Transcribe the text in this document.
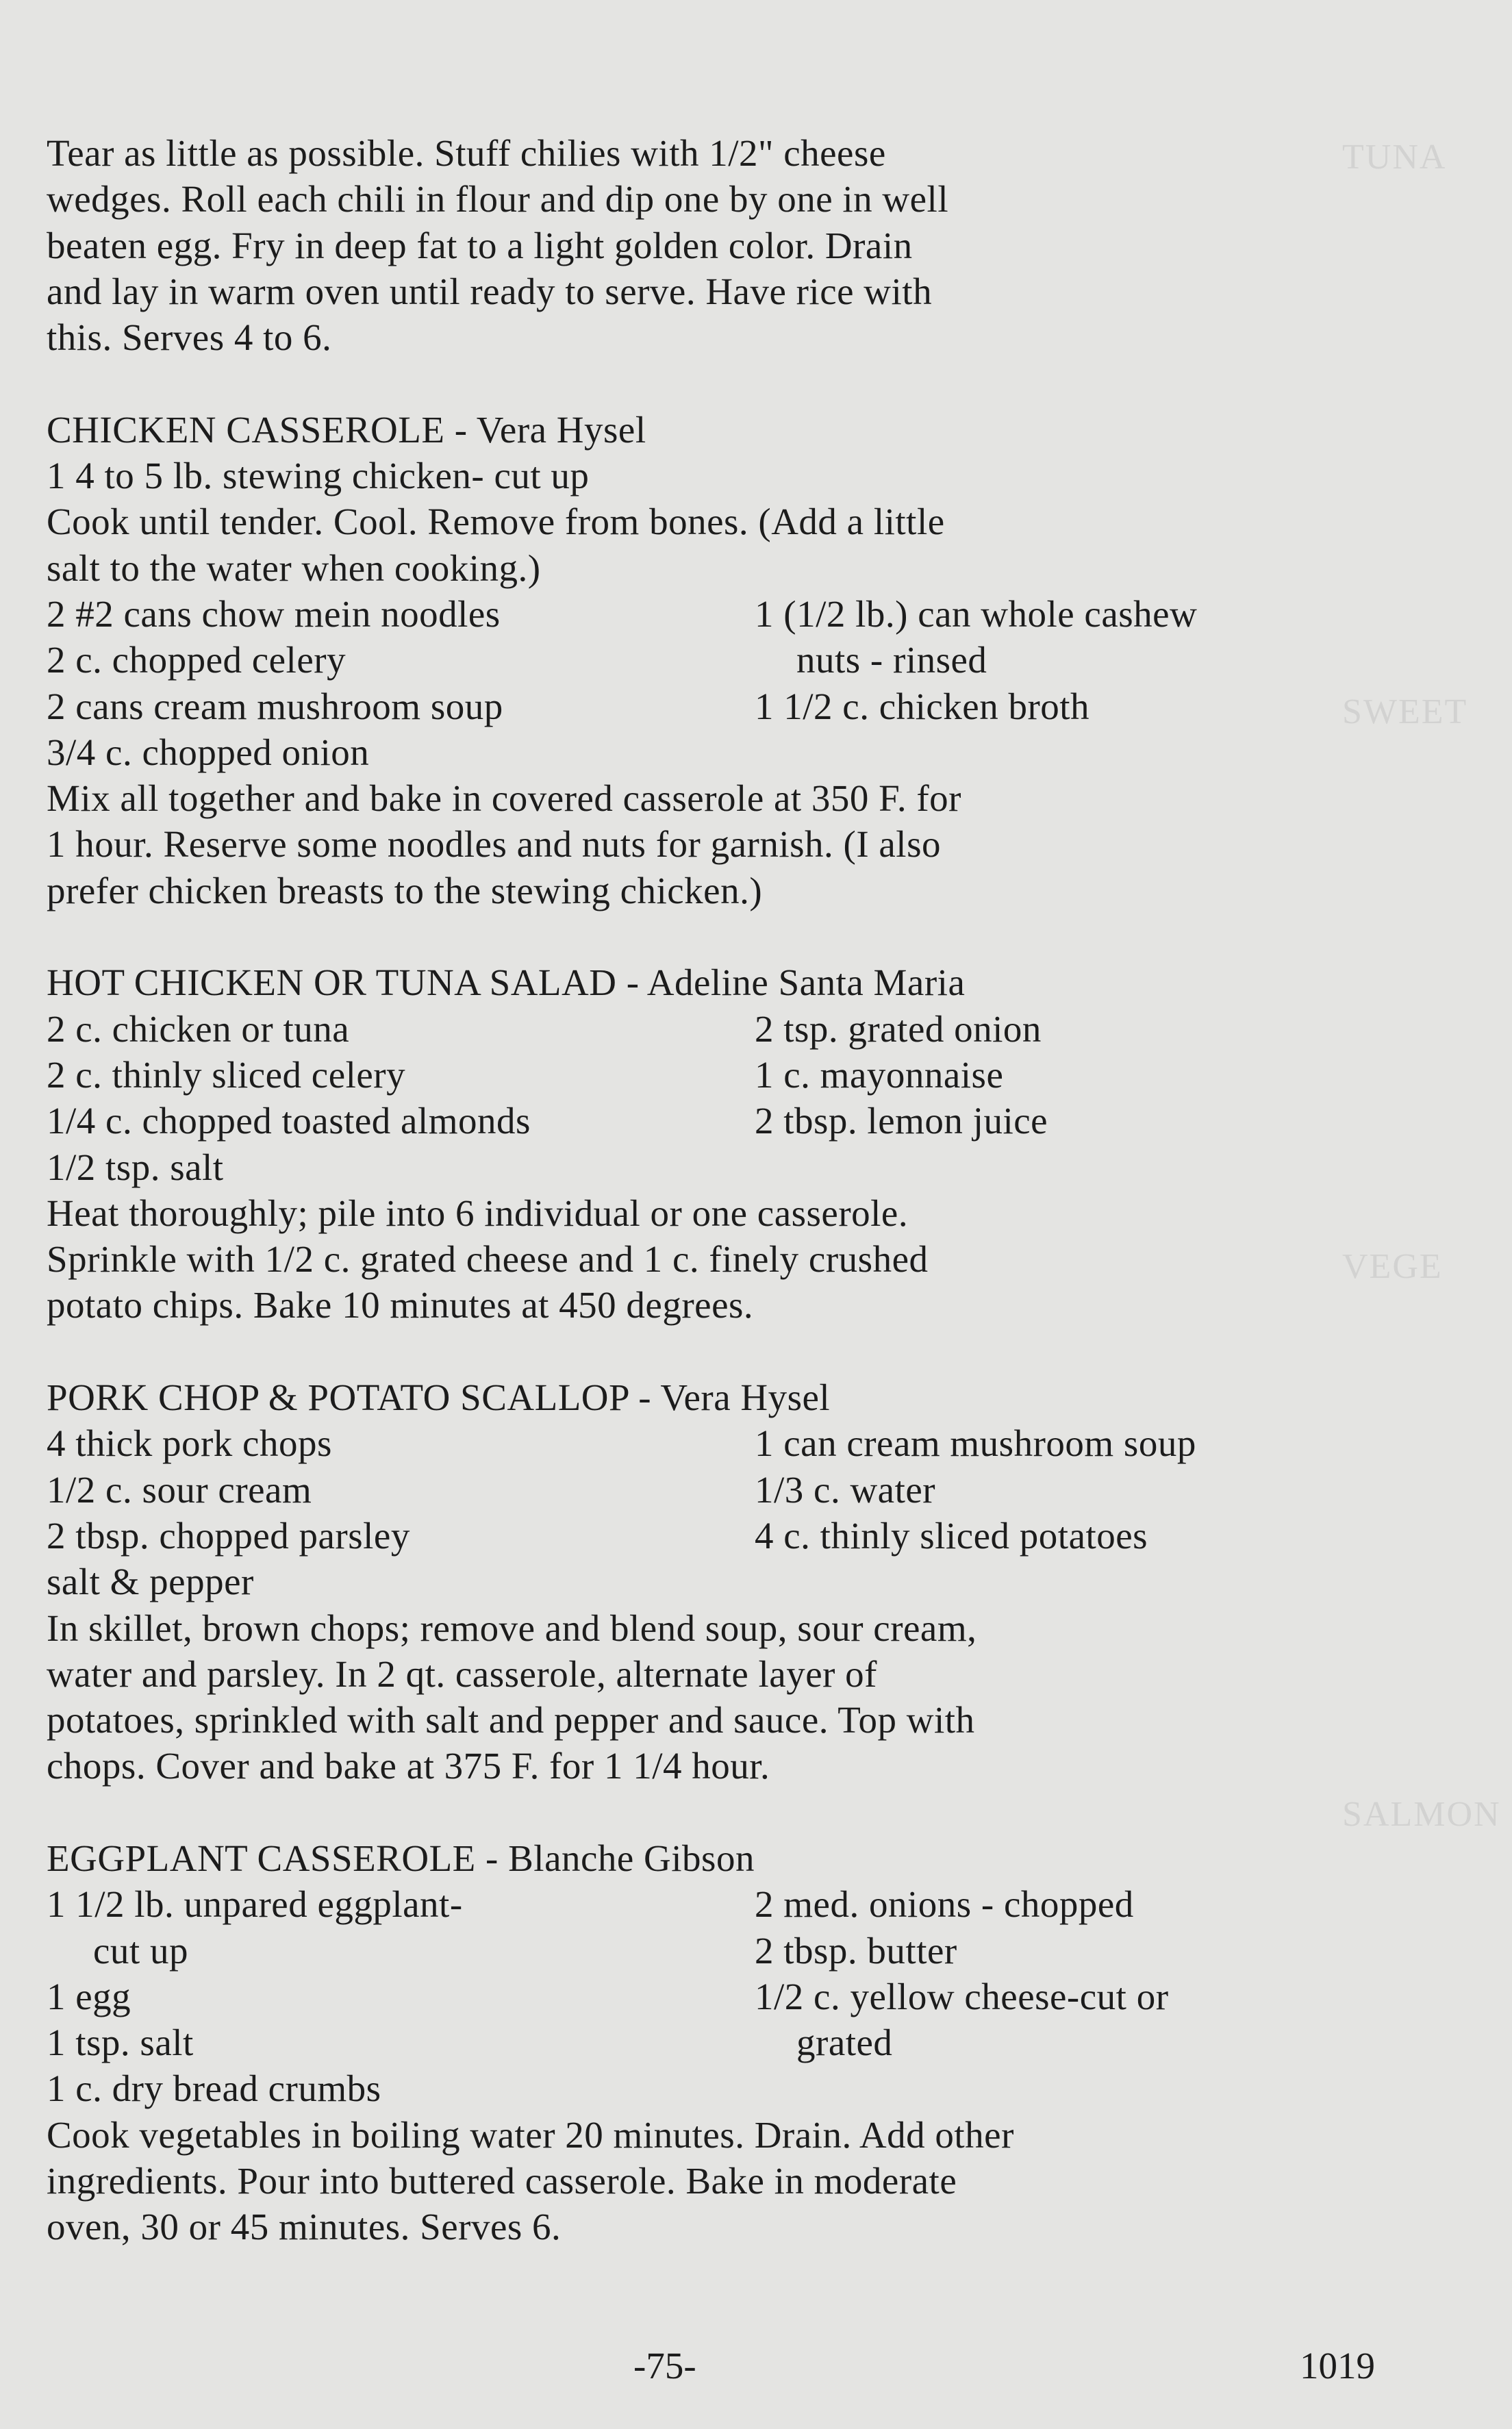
TUNA
SWEET
VEGE
SALMON
Tear as little as possible. Stuff chilies with 1/2" cheese
wedges. Roll each chili in flour and dip one by one in well
beaten egg. Fry in deep fat to a light golden color. Drain
and lay in warm oven until ready to serve. Have rice with
this. Serves 4 to 6.
CHICKEN CASSEROLE - Vera Hysel
1 4 to 5 lb. stewing chicken- cut up
Cook until tender. Cool. Remove from bones. (Add a little
salt to the water when cooking.)
2 #2 cans chow mein noodles	1 (1/2 lb.) can whole cashew
2 c. chopped celery	nuts - rinsed
2 cans cream mushroom soup	1 1/2 c. chicken broth
3/4 c. chopped onion
Mix all together and bake in covered casserole at 350 F. for
1 hour. Reserve some noodles and nuts for garnish. (I also
prefer chicken breasts to the stewing chicken.)
HOT CHICKEN OR TUNA SALAD - Adeline Santa Maria
2 c. chicken or tuna	2 tsp. grated onion
2 c. thinly sliced celery	1 c. mayonnaise
1/4 c. chopped toasted almonds	2 tbsp. lemon juice
1/2 tsp. salt
Heat thoroughly; pile into 6 individual or one casserole.
Sprinkle with 1/2 c. grated cheese and 1 c. finely crushed
potato chips. Bake 10 minutes at 450 degrees.
PORK CHOP & POTATO SCALLOP - Vera Hysel
4 thick pork chops	1 can cream mushroom soup
1/2 c. sour cream	1/3 c. water
2 tbsp. chopped parsley	4 c. thinly sliced potatoes
salt & pepper
In skillet, brown chops; remove and blend soup, sour cream,
water and parsley. In 2 qt. casserole, alternate layer of
potatoes, sprinkled with salt and pepper and sauce. Top with
chops. Cover and bake at 375 F. for 1 1/4 hour.
EGGPLANT CASSEROLE - Blanche Gibson
1 1/2 lb. unpared eggplant-	2 med. onions - chopped
cut up	2 tbsp. butter
1 egg	1/2 c. yellow cheese-cut or
1 tsp. salt	grated
1 c. dry bread crumbs
Cook vegetables in boiling water 20 minutes. Drain. Add other
ingredients. Pour into buttered casserole. Bake in moderate
oven, 30 or 45 minutes. Serves 6.
-75-	1019
